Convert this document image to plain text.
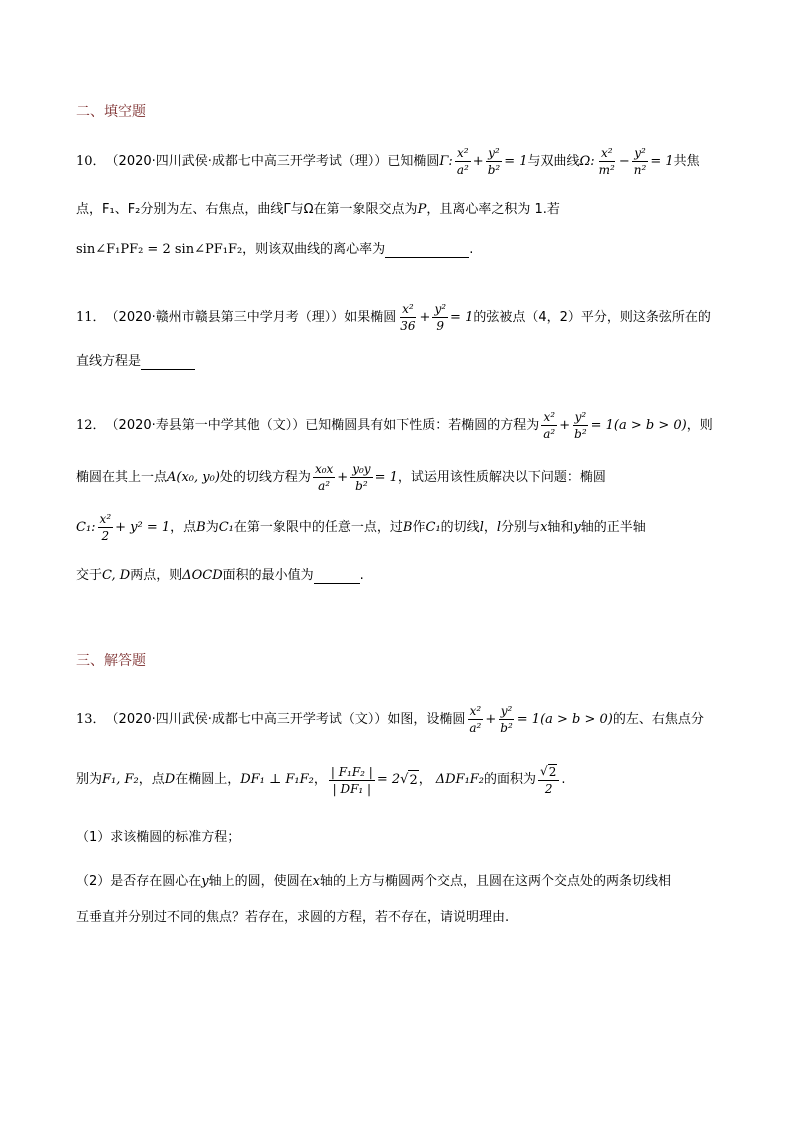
二、填空题
10． （2020·四川武侯·成都七中高三开学考试（理））已知椭圆 Γ: $\frac{\text{x²}}{\text{a²}} + \frac{\text{y²}}{\text{b²}} = 1$ 与双曲线 Ω: $\frac{\text{x²}}{\text{m²}} - \frac{\text{y²}}{\text{n²}} = 1$ 共焦
点，F₁、F₂分别为左、右焦点，曲线Γ与Ω在第一象限交点为 P ，且离心率之积为 1.若
sin∠F₁PF₂ = 2 sin∠PF₁F₂ ，则该双曲线的离心率为	.
11． （2020·赣州市赣县第三中学月考（理））如果椭圆 $\frac{\text{x²}}{36} + \frac{\text{y²}}{9} = 1$ 的弦被点（4，2）平分，则这条弦所在的
直线方程是
12． （2020·寿县第一中学其他（文））已知椭圆具有如下性质：若椭圆的方程为 $\frac{\text{x²}}{\text{a²}} + \frac{\text{y²}}{\text{b²}} = 1(a > b > 0)$ ，则
椭圆在其上一点 A(x₀, y₀) 处的切线方程为 $\frac{\text{x₀x}}{\text{a²}} + \frac{\text{y₀y}}{\text{b²}} = 1$ ，试运用该性质解决以下问题：椭圆
C₁: $\frac{\text{x²}}{2} + y^2 = 1$ ，点 B 为 C₁ 在第一象限中的任意一点，过 B 作 C₁ 的切线 l ， l 分别与 x 轴和 y 轴的正半轴
交于 C, D 两点，则 ΔOCD 面积的最小值为	.
三、解答题
13． （2020·四川武侯·成都七中高三开学考试（文））如图，设椭圆 $\frac{\text{x²}}{\text{a²}} + \frac{\text{y²}}{\text{b²}} = 1(a > b > 0)$ 的左、右焦点分
别为 F₁, F₂ ，点 D 在椭圆上， DF₁ ⊥ F₁F₂ ， $\frac{\text{| F₁F₂ |}}{\text{| DF₁ |}} = 2$ √ 2 ， ΔDF₁F₂ 的面积为 $\frac{√ 2}{2}$ .
（1）求该椭圆的标准方程；
（2）是否存在圆心在 y 轴上的圆，使圆在 x 轴的上方与椭圆两个交点，且圆在这两个交点处的两条切线相
互垂直并分别过不同的焦点？若存在，求圆的方程，若不存在，请说明理由.
